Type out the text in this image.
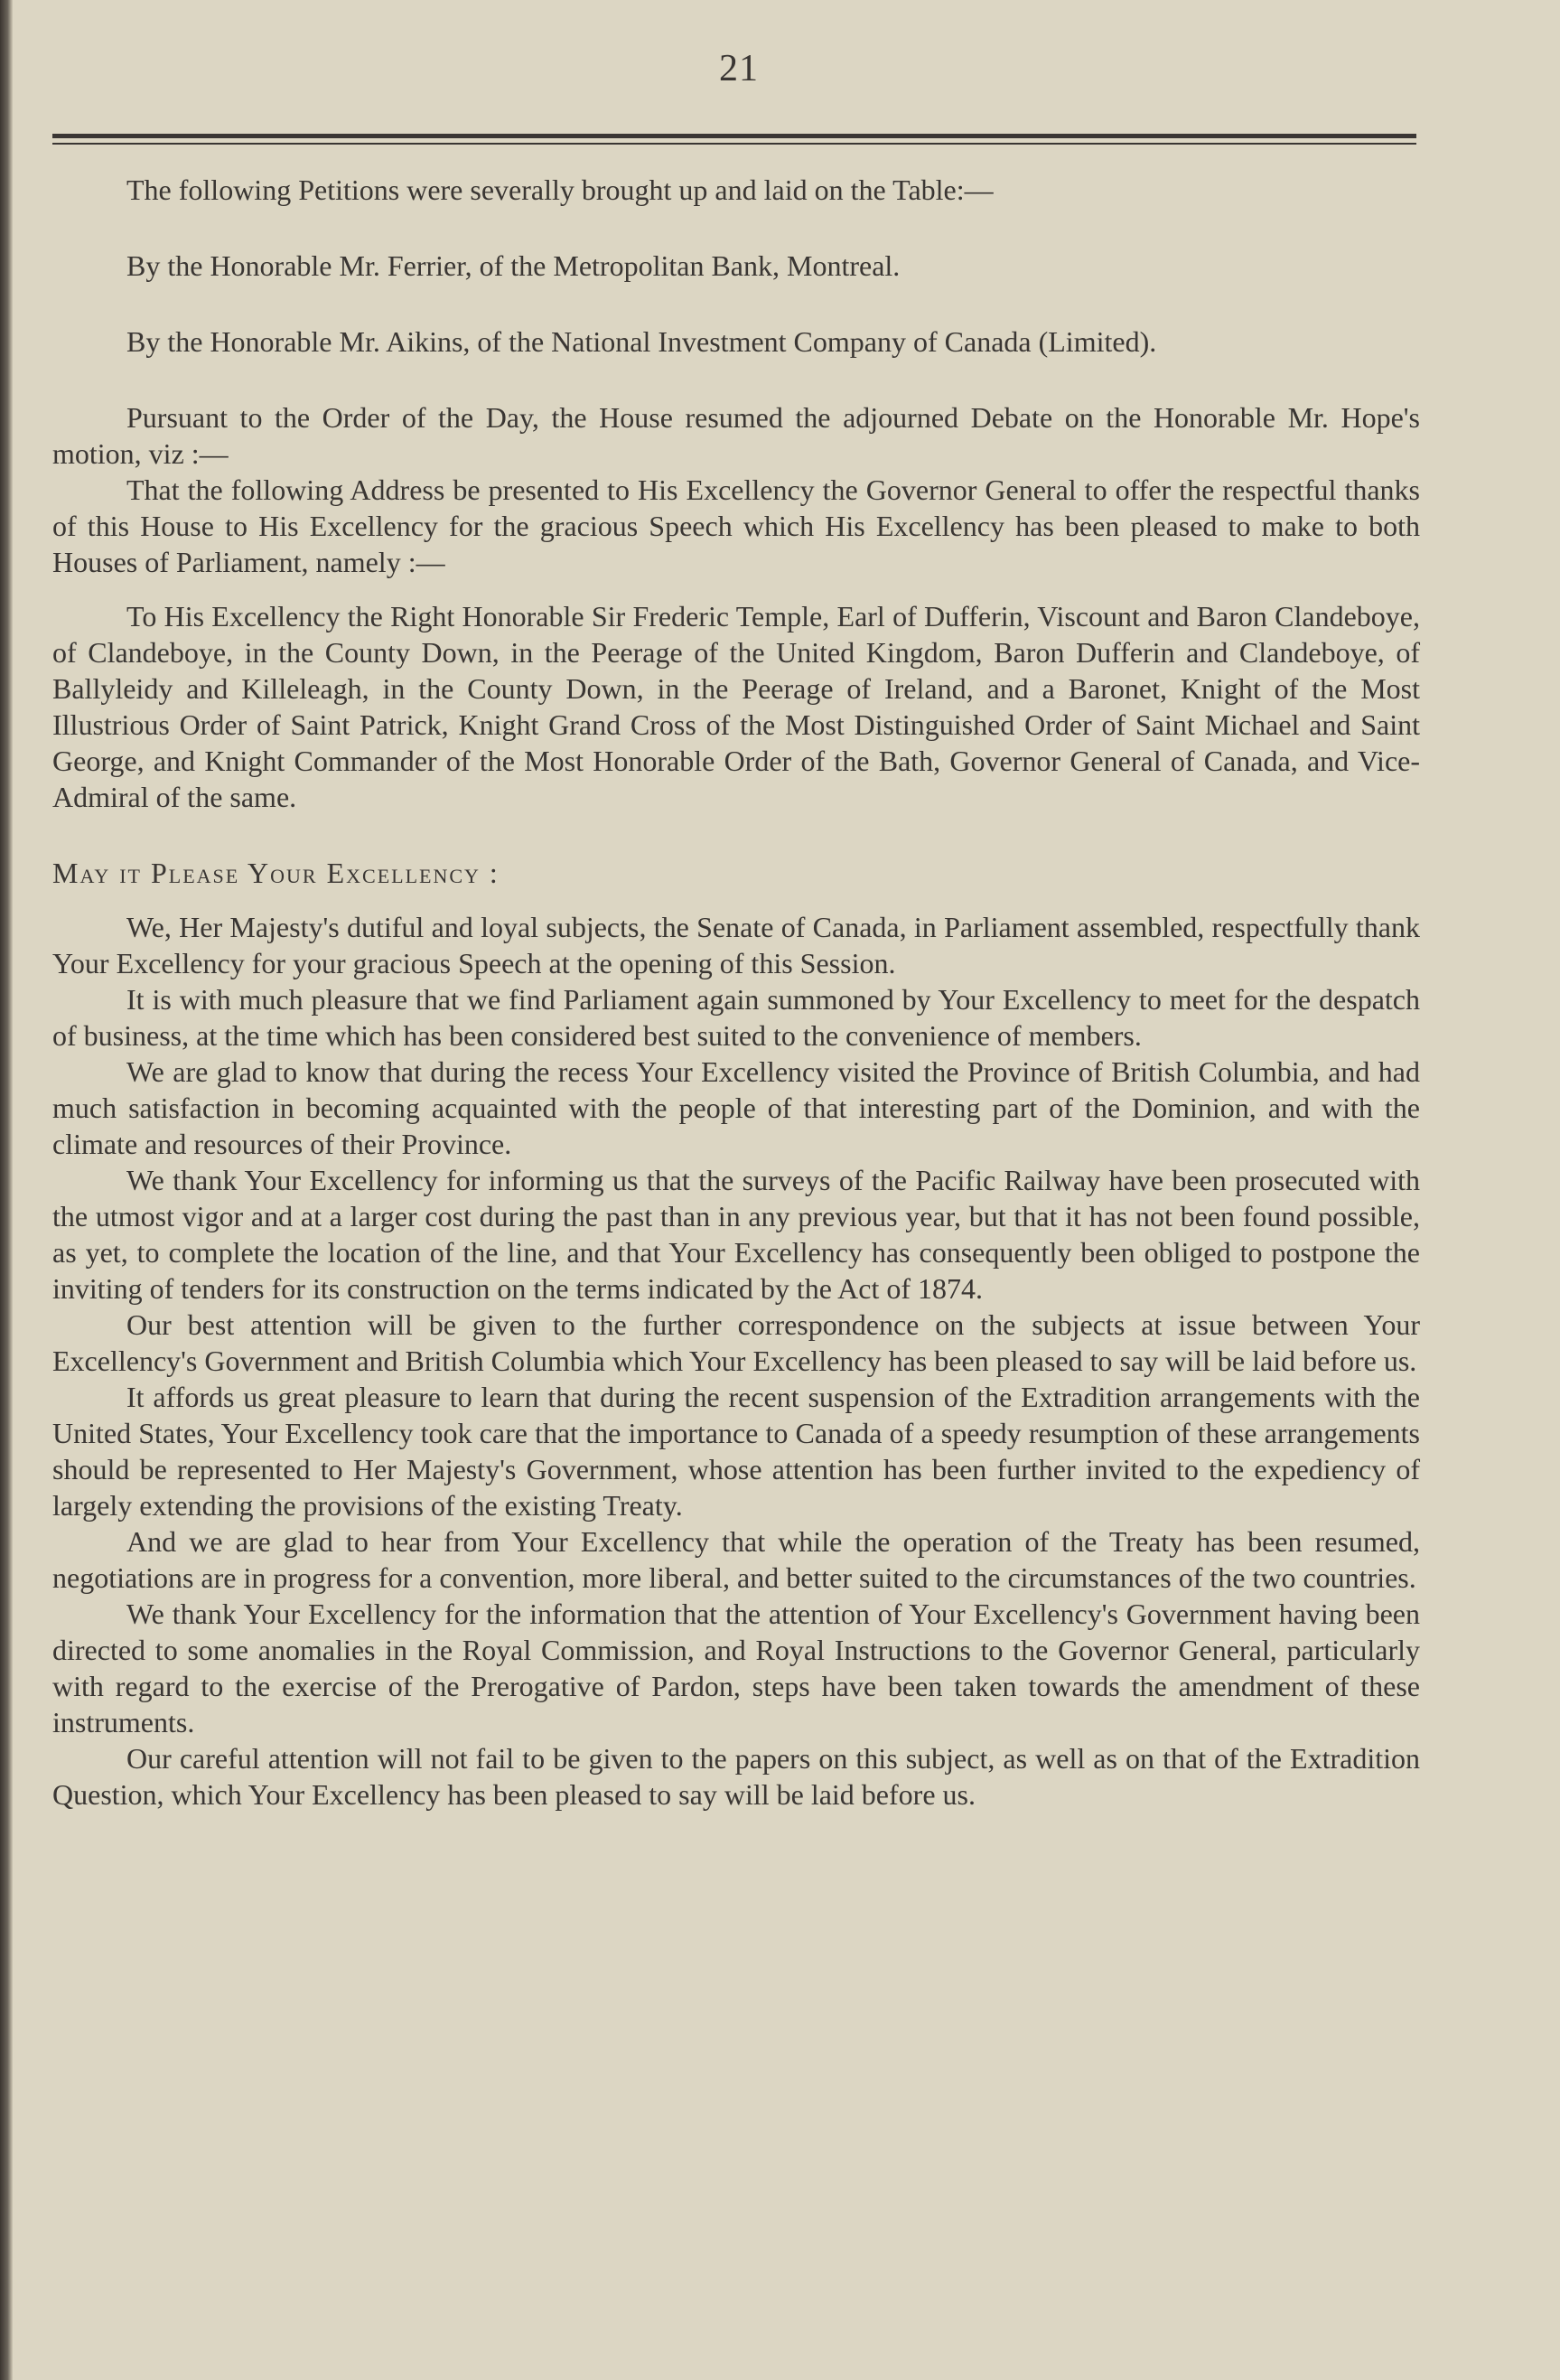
21

The following Petitions were severally brought up and laid on the Table:—

By the Honorable Mr. Ferrier, of the Metropolitan Bank, Montreal.

By the Honorable Mr. Aikins, of the National Investment Company of Canada (Limited).

Pursuant to the Order of the Day, the House resumed the adjourned Debate on the Honorable Mr. Hope's motion, viz :—

That the following Address be presented to His Excellency the Governor General to offer the respectful thanks of this House to His Excellency for the gracious Speech which His Excellency has been pleased to make to both Houses of Parliament, namely :—

To His Excellency the Right Honorable Sir Frederic Temple, Earl of Dufferin, Viscount and Baron Clandeboye, of Clandeboye, in the County Down, in the Peerage of the United Kingdom, Baron Dufferin and Clandeboye, of Ballyleidy and Killeleagh, in the County Down, in the Peerage of Ireland, and a Baronet, Knight of the Most Illustrious Order of Saint Patrick, Knight Grand Cross of the Most Distinguished Order of Saint Michael and Saint George, and Knight Commander of the Most Honorable Order of the Bath, Governor General of Canada, and Vice-Admiral of the same.

May it Please Your Excellency :

We, Her Majesty's dutiful and loyal subjects, the Senate of Canada, in Parliament assembled, respectfully thank Your Excellency for your gracious Speech at the opening of this Session.

It is with much pleasure that we find Parliament again summoned by Your Excellency to meet for the despatch of business, at the time which has been considered best suited to the convenience of members.

We are glad to know that during the recess Your Excellency visited the Province of British Columbia, and had much satisfaction in becoming acquainted with the people of that interesting part of the Dominion, and with the climate and resources of their Province.

We thank Your Excellency for informing us that the surveys of the Pacific Railway have been prosecuted with the utmost vigor and at a larger cost during the past than in any previous year, but that it has not been found possible, as yet, to complete the location of the line, and that Your Excellency has consequently been obliged to postpone the inviting of tenders for its construction on the terms indicated by the Act of 1874.

Our best attention will be given to the further correspondence on the subjects at issue between Your Excellency's Government and British Columbia which Your Excellency has been pleased to say will be laid before us.

It affords us great pleasure to learn that during the recent suspension of the Extradition arrangements with the United States, Your Excellency took care that the importance to Canada of a speedy resumption of these arrangements should be represented to Her Majesty's Government, whose attention has been further invited to the expediency of largely extending the provisions of the existing Treaty.

And we are glad to hear from Your Excellency that while the operation of the Treaty has been resumed, negotiations are in progress for a convention, more liberal, and better suited to the circumstances of the two countries.

We thank Your Excellency for the information that the attention of Your Excellency's Government having been directed to some anomalies in the Royal Commission, and Royal Instructions to the Governor General, particularly with regard to the exercise of the Prerogative of Pardon, steps have been taken towards the amendment of these instruments.

Our careful attention will not fail to be given to the papers on this subject, as well as on that of the Extradition Question, which Your Excellency has been pleased to say will be laid before us.
